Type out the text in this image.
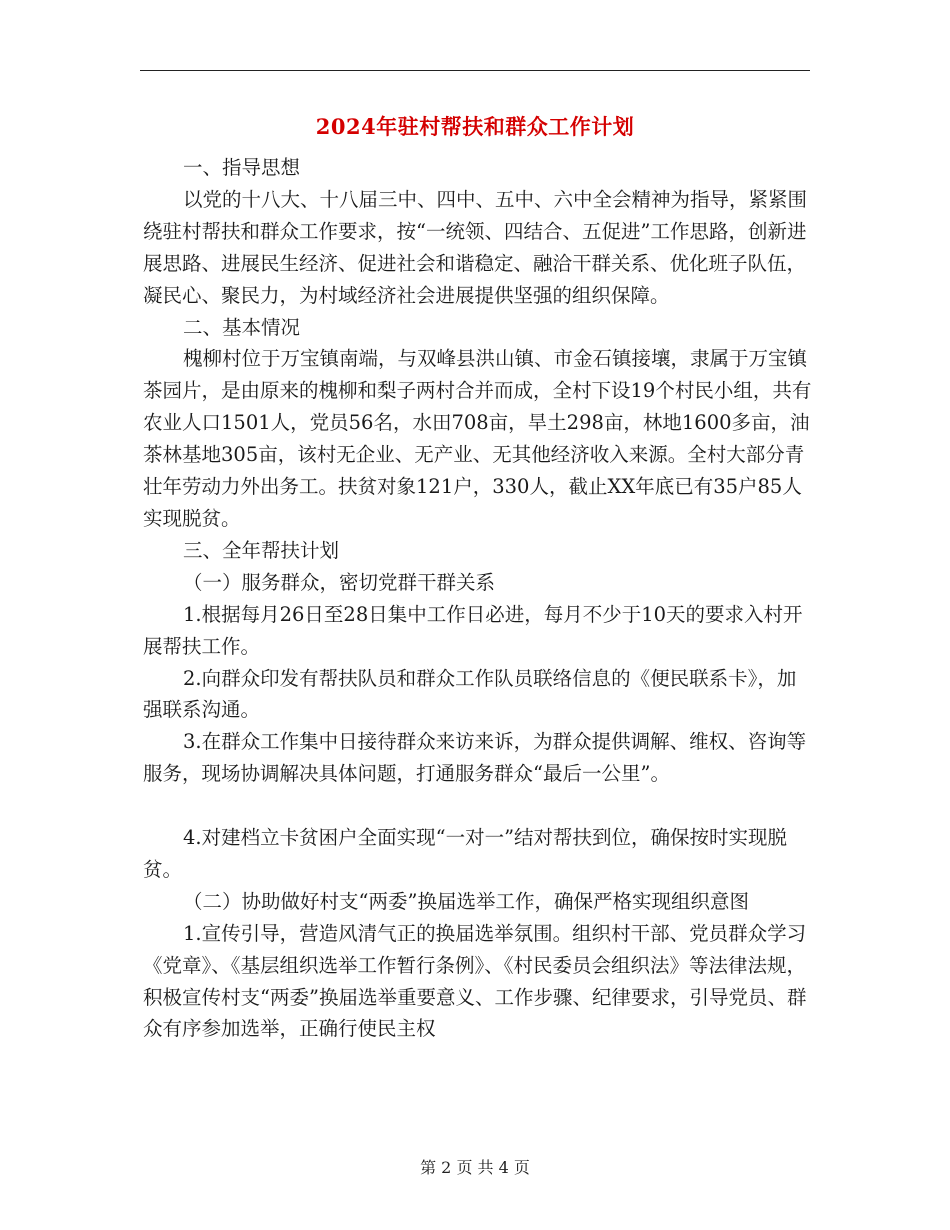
2024年驻村帮扶和群众工作计划

一、指导思想

以党的十八大、十八届三中、四中、五中、六中全会精神为指导，紧紧围绕驻村帮扶和群众工作要求，按“一统领、四结合、五促进”工作思路，创新进展思路、进展民生经济、促进社会和谐稳定、融洽干群关系、优化班子队伍，凝民心、聚民力，为村域经济社会进展提供坚强的组织保障。

二、基本情况

槐柳村位于万宝镇南端，与双峰县洪山镇、市金石镇接壤，隶属于万宝镇茶园片，是由原来的槐柳和梨子两村合并而成，全村下设19个村民小组，共有农业人口1501人，党员56名，水田708亩，旱土298亩，林地1600多亩，油茶林基地305亩，该村无企业、无产业、无其他经济收入来源。全村大部分青壮年劳动力外出务工。扶贫对象121户，330人，截止XX年底已有35户85人实现脱贫。

三、全年帮扶计划

（一）服务群众，密切党群干群关系

1.根据每月26日至28日集中工作日必进，每月不少于10天的要求入村开展帮扶工作。

2.向群众印发有帮扶队员和群众工作队员联络信息的《便民联系卡》，加强联系沟通。

3.在群众工作集中日接待群众来访来诉，为群众提供调解、维权、咨询等服务，现场协调解决具体问题，打通服务群众“最后一公里”。

4.对建档立卡贫困户全面实现“一对一”结对帮扶到位，确保按时实现脱贫。

（二）协助做好村支“两委”换届选举工作，确保严格实现组织意图

1.宣传引导，营造风清气正的换届选举氛围。组织村干部、党员群众学习《党章》、《基层组织选举工作暂行条例》、《村民委员会组织法》等法律法规，积极宣传村支“两委”换届选举重要意义、工作步骤、纪律要求，引导党员、群众有序参加选举，正确行使民主权

第 2 页 共 4 页
